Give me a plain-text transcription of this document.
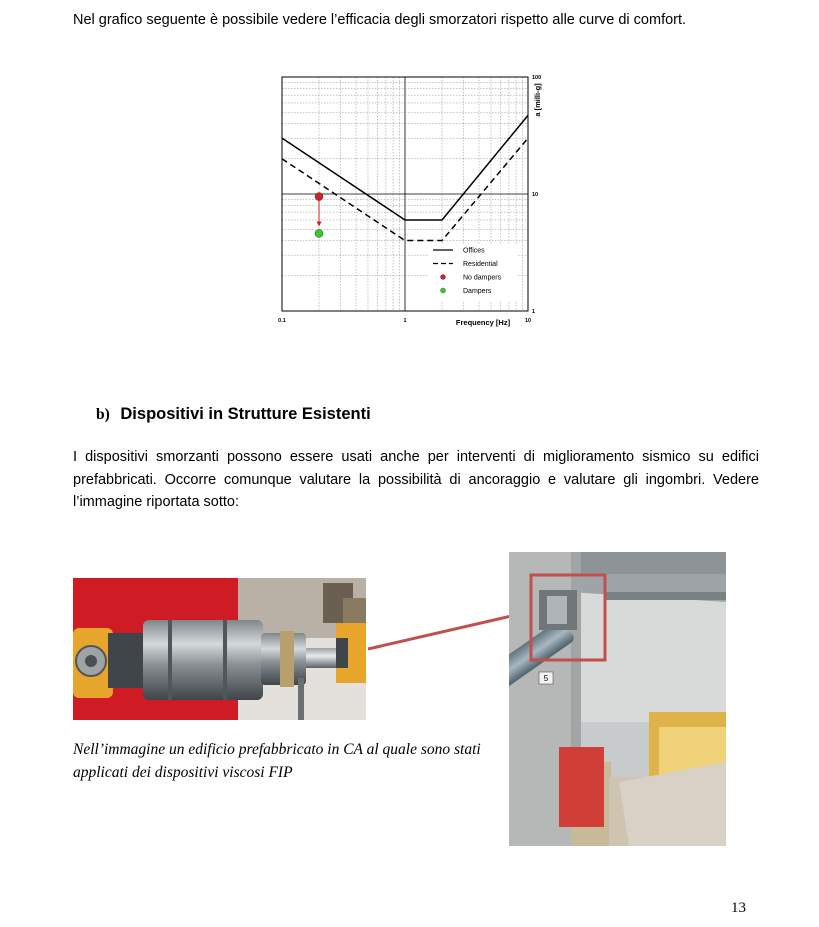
Nel grafico seguente è possibile vedere l’efficacia degli smorzatori rispetto alle curve di comfort.
0.1	1	10
1
10
100
Offices
Residential
No dampers
Dampers
Frequency [Hz]
a [milli-g]
b) Dispositivi in Strutture Esistenti
I dispositivi smorzanti possono essere usati anche per interventi di miglioramento sismico su edifici prefabbricati. Occorre comunque valutare la possibilità di ancoraggio e valutare gli ingombri. Vedere l’immagine riportata sotto:
5
Nell’immagine un edificio prefabbricato in CA al quale sono stati applicati dei dispositivi viscosi FIP
13
